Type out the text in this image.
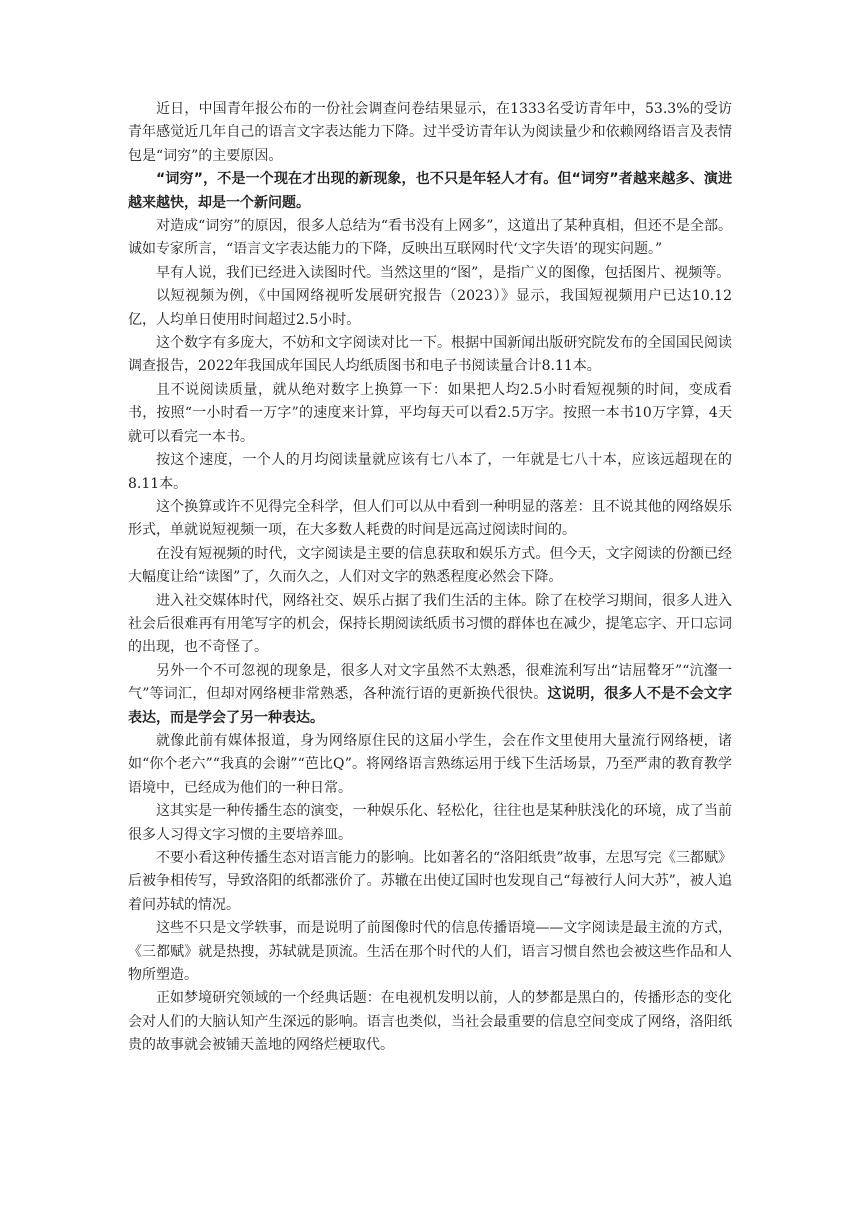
近日，中国青年报公布的一份社会调查问卷结果显示，在1333名受访青年中，53.3%的受访青年感觉近几年自己的语言文字表达能力下降。过半受访青年认为阅读量少和依赖网络语言及表情包是“词穷”的主要原因。

“词穷”，不是一个现在才出现的新现象，也不只是年轻人才有。但“词穷”者越来越多、演进越来越快，却是一个新问题。

对造成“词穷”的原因，很多人总结为“看书没有上网多”，这道出了某种真相，但还不是全部。诚如专家所言，“语言文字表达能力的下降，反映出互联网时代‘文字失语’的现实问题。”

早有人说，我们已经进入读图时代。当然这里的“图”，是指广义的图像，包括图片、视频等。

以短视频为例，《中国网络视听发展研究报告（2023）》显示，我国短视频用户已达10.12亿，人均单日使用时间超过2.5小时。

这个数字有多庞大，不妨和文字阅读对比一下。根据中国新闻出版研究院发布的全国国民阅读调查报告，2022年我国成年国民人均纸质图书和电子书阅读量合计8.11本。

且不说阅读质量，就从绝对数字上换算一下：如果把人均2.5小时看短视频的时间，变成看书，按照“一小时看一万字”的速度来计算，平均每天可以看2.5万字。按照一本书10万字算，4天就可以看完一本书。

按这个速度，一个人的月均阅读量就应该有七八本了，一年就是七八十本，应该远超现在的8.11本。

这个换算或许不见得完全科学，但人们可以从中看到一种明显的落差：且不说其他的网络娱乐形式，单就说短视频一项，在大多数人耗费的时间是远高过阅读时间的。

在没有短视频的时代，文字阅读是主要的信息获取和娱乐方式。但今天，文字阅读的份额已经大幅度让给“读图”了，久而久之，人们对文字的熟悉程度必然会下降。

进入社交媒体时代，网络社交、娱乐占据了我们生活的主体。除了在校学习期间，很多人进入社会后很难再有用笔写字的机会，保持长期阅读纸质书习惯的群体也在减少，提笔忘字、开口忘词的出现，也不奇怪了。

另外一个不可忽视的现象是，很多人对文字虽然不太熟悉，很难流利写出“诘屈聱牙”“沆瀣一气”等词汇，但却对网络梗非常熟悉，各种流行语的更新换代很快。这说明，很多人不是不会文字表达，而是学会了另一种表达。

就像此前有媒体报道，身为网络原住民的这届小学生，会在作文里使用大量流行网络梗，诸如“你个老六”“我真的会谢”“芭比Q”。将网络语言熟练运用于线下生活场景，乃至严肃的教育教学语境中，已经成为他们的一种日常。

这其实是一种传播生态的演变，一种娱乐化、轻松化，往往也是某种肤浅化的环境，成了当前很多人习得文字习惯的主要培养皿。

不要小看这种传播生态对语言能力的影响。比如著名的“洛阳纸贵”故事，左思写完《三都赋》后被争相传写，导致洛阳的纸都涨价了。苏辙在出使辽国时也发现自己“每被行人问大苏”，被人追着问苏轼的情况。

这些不只是文学轶事，而是说明了前图像时代的信息传播语境——文字阅读是最主流的方式，《三都赋》就是热搜，苏轼就是顶流。生活在那个时代的人们，语言习惯自然也会被这些作品和人物所塑造。

正如梦境研究领域的一个经典话题：在电视机发明以前，人的梦都是黑白的，传播形态的变化会对人们的大脑认知产生深远的影响。语言也类似，当社会最重要的信息空间变成了网络，洛阳纸贵的故事就会被铺天盖地的网络烂梗取代。
